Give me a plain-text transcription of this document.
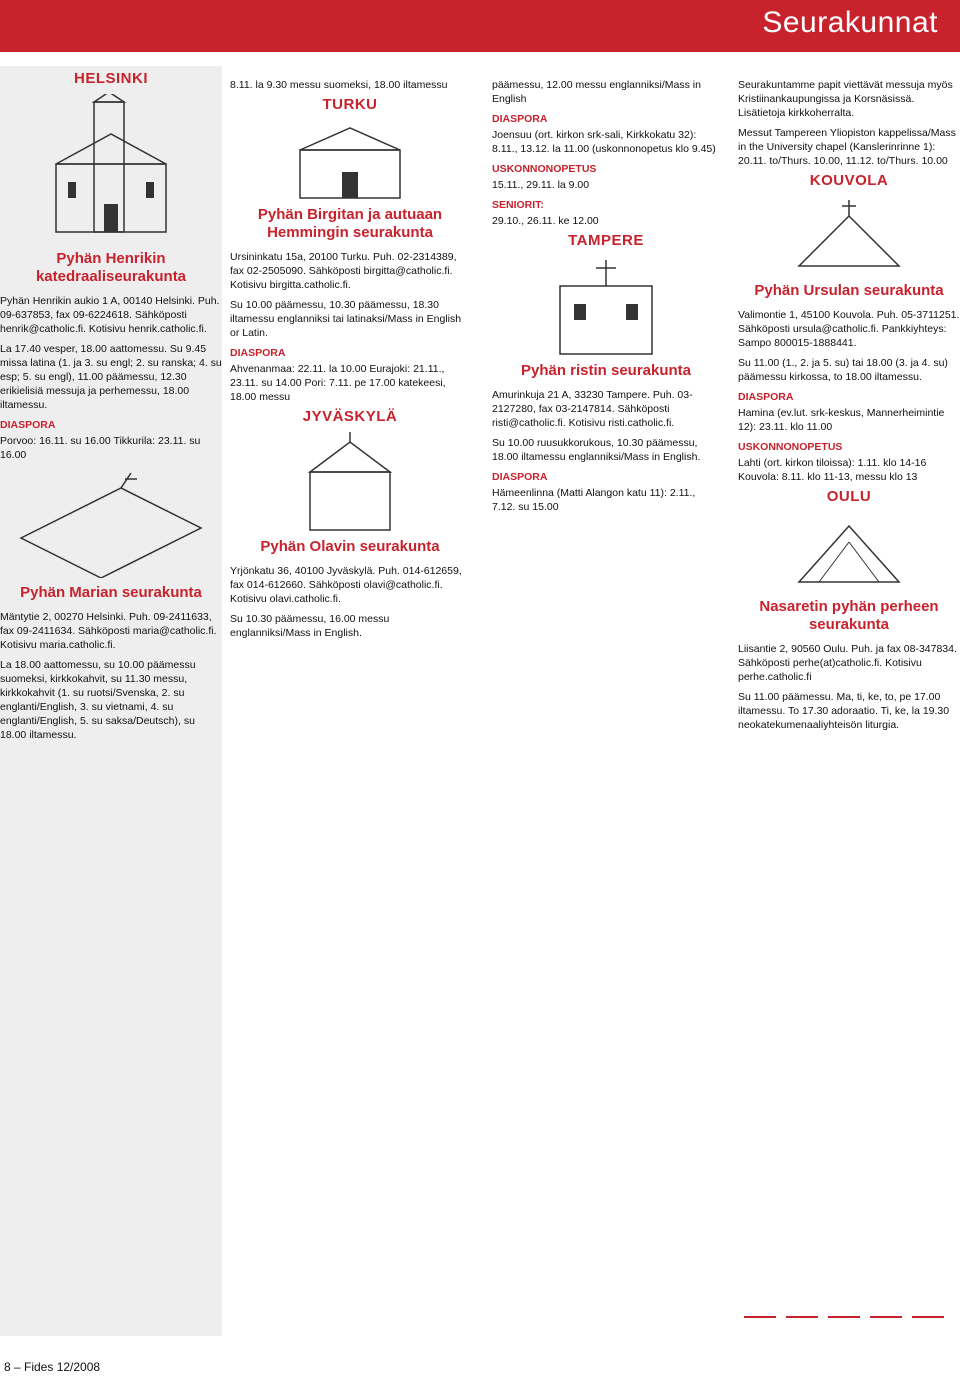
Seurakunnat
HELSINKI
Pyhän Henrikin katedraaliseurakunta

Pyhän Henrikin aukio 1 A, 00140 Helsinki. Puh. 09-637853, fax 09-6224618. Sähköposti henrik@catholic.fi. Kotisivu henrik.catholic.fi.

La 17.40 vesper, 18.00 aattomessu. Su 9.45 missa latina (1. ja 3. su engl; 2. su ranska; 4. su esp; 5. su engl), 11.00 päämessu, 12.30 erikielisiä messuja ja perhemessu, 18.00 iltamessu.

DIASPORA

Porvoo: 16.11. su 16.00 Tikkurila: 23.11. su 16.00

Pyhän Marian seurakunta

Mäntytie 2, 00270 Helsinki. Puh. 09-2411633, fax 09-2411634. Sähköposti maria@catholic.fi. Kotisivu maria.catholic.fi.

La 18.00 aattomessu, su 10.00 päämessu suomeksi, kirkkokahvit, su 11.30 messu, kirkkokahvit (1. su ruotsi/Svenska, 2. su englanti/English, 3. su vietnami, 4. su englanti/English, 5. su saksa/Deutsch), su 18.00 iltamessu.

8.11. la 9.30 messu suomeksi, 18.00 iltamessu

TURKU
Pyhän Birgitan ja autuaan Hemmingin seurakunta

Ursininkatu 15a, 20100 Turku. Puh. 02-2314389, fax 02-2505090. Sähköposti birgitta@catholic.fi. Kotisivu birgitta.catholic.fi.

Su 10.00 päämessu, 10.30 päämessu, 18.30 iltamessu englanniksi tai latinaksi/Mass in English or Latin.

DIASPORA

Ahvenanmaa: 22.11. la 10.00 Eurajoki: 21.11., 23.11. su 14.00 Pori: 7.11. pe 17.00 katekeesi, 18.00 messu

JYVÄSKYLÄ
Pyhän Olavin seurakunta

Yrjönkatu 36, 40100 Jyväskylä. Puh. 014-612659, fax 014-612660. Sähköposti olavi@catholic.fi. Kotisivu olavi.catholic.fi.

Su 10.30 päämessu, 16.00 messu englanniksi/Mass in English.

päämessu, 12.00 messu englanniksi/Mass in English

DIASPORA

Joensuu (ort. kirkon srk-sali, Kirkkokatu 32): 8.11., 13.12. la 11.00 (uskonnonopetus klo 9.45)

USKONNONOPETUS

15.11., 29.11. la 9.00

SENIORIT:

29.10., 26.11. ke 12.00

TAMPERE
Pyhän ristin seurakunta

Amurinkuja 21 A, 33230 Tampere. Puh. 03-2127280, fax 03-2147814. Sähköposti risti@catholic.fi. Kotisivu risti.catholic.fi.

Su 10.00 ruusukkorukous, 10.30 päämessu, 18.00 iltamessu englanniksi/Mass in English.

DIASPORA

Hämeenlinna (Matti Alangon katu 11): 2.11., 7.12. su 15.00

Seurakuntamme papit viettävät messuja myös Kristiinankaupungissa ja Korsnäsissä. Lisätietoja kirkkoherralta.

Messut Tampereen Yliopiston kappelissa/Mass in the University chapel (Kanslerinrinne 1): 20.11. to/Thurs. 10.00, 11.12. to/Thurs. 10.00

KOUVOLA
Pyhän Ursulan seurakunta

Valimontie 1, 45100 Kouvola. Puh. 05-3711251. Sähköposti ursula@catholic.fi. Pankkiyhteys: Sampo 800015-1888441.

Su 11.00 (1., 2. ja 5. su) tai 18.00 (3. ja 4. su) päämessu kirkossa, to 18.00 iltamessu.

DIASPORA

Hamina (ev.lut. srk-keskus, Mannerheimintie 12): 23.11. klo 11.00

USKONNONOPETUS

Lahti (ort. kirkon tiloissa): 1.11. klo 14-16 Kouvola: 8.11. klo 11-13, messu klo 13

OULU
Nasaretin pyhän perheen seurakunta

Liisantie 2, 90560 Oulu. Puh. ja fax 08-347834. Sähköposti perhe(at)catholic.fi. Kotisivu perhe.catholic.fi

Su 11.00 päämessu. Ma, ti, ke, to, pe 17.00 iltamessu. To 17.30 adoraatio. Ti, ke, la 19.30 neokatekumenaaliyhteisön liturgia.

8 – Fides 12/2008
